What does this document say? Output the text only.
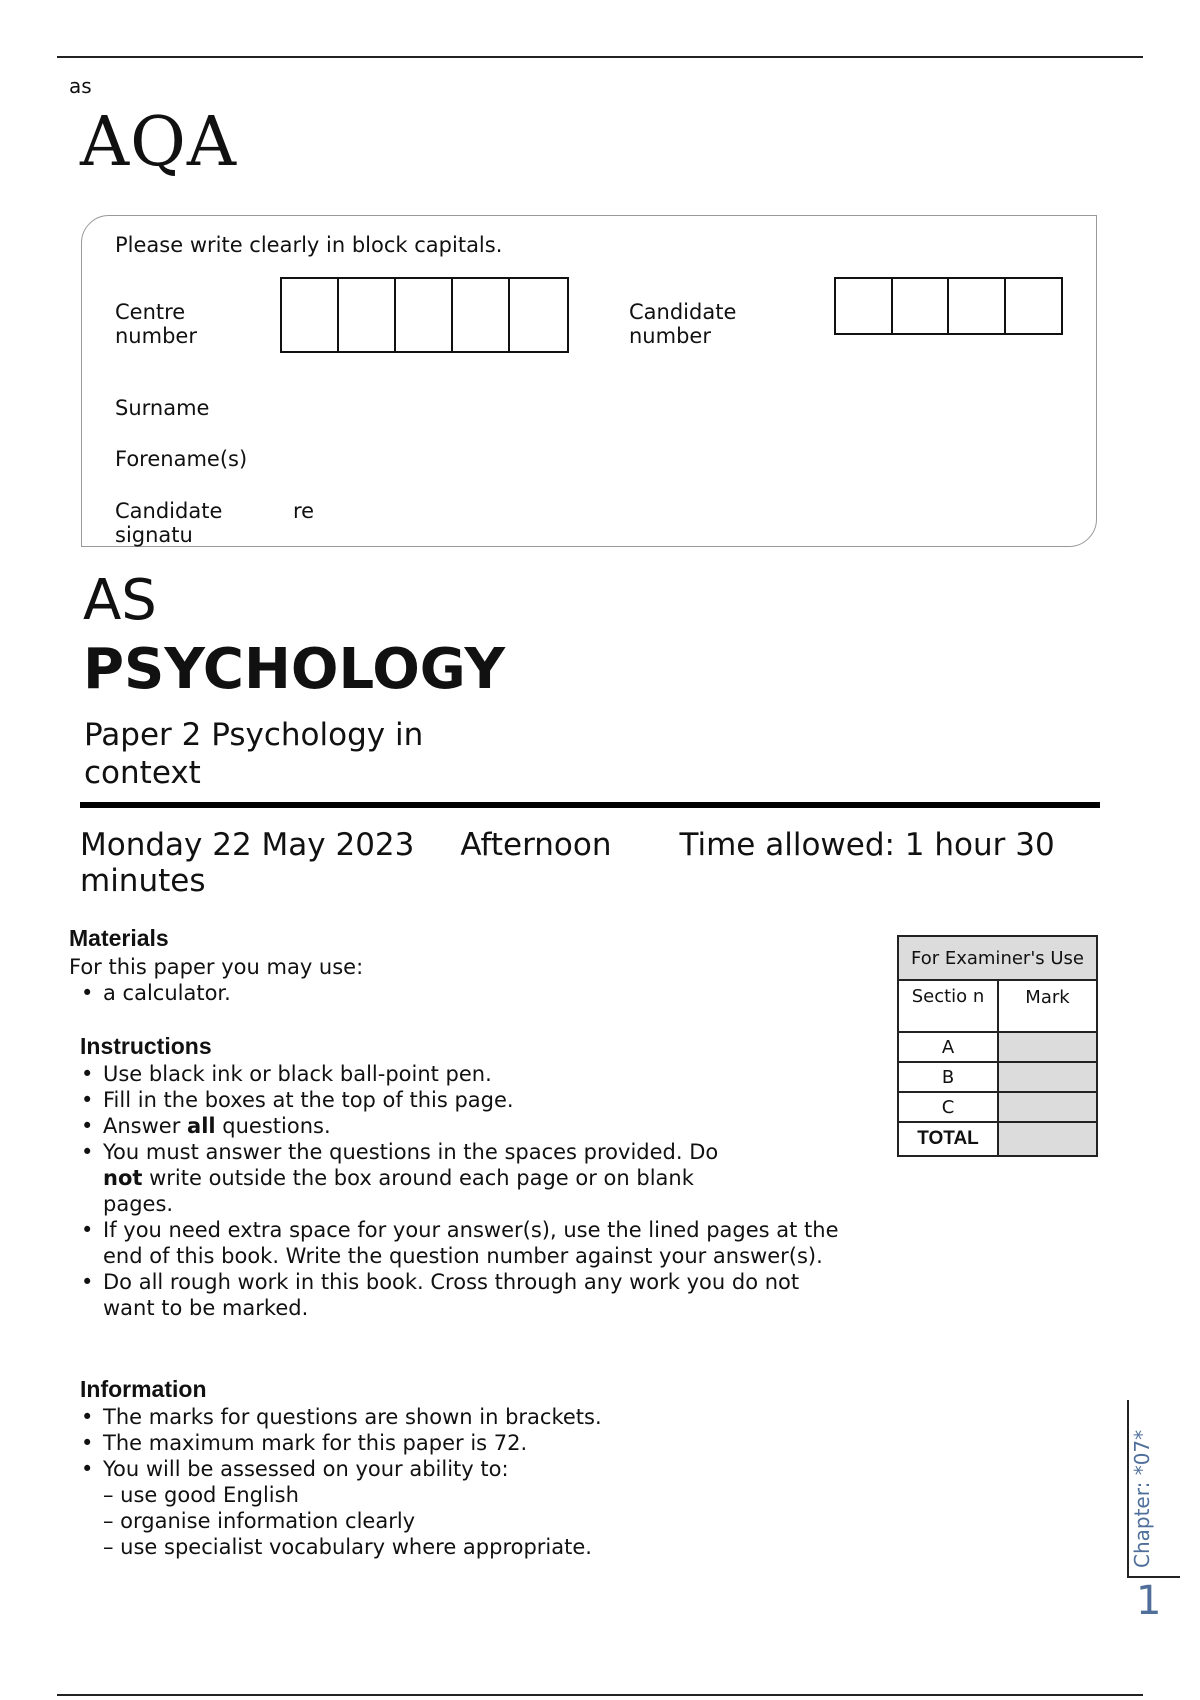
as
AQA
Please write clearly in block capitals.
Centre number
Candidate number
Surname
Forename(s)
Candidate signatu
re
AS
PSYCHOLOGY
Paper 2 Psychology in context
Monday 22 May 2023 Afternoon Time allowed: 1 hour 30 minutes
Materials
For this paper you may use:
• a calculator.
Instructions
• Use black ink or black ball-point pen.
• Fill in the boxes at the top of this page.
• Answer all questions.
• You must answer the questions in the spaces provided. Do not write outside the box around each page or on blank pages.
• If you need extra space for your answer(s), use the lined pages at the end of this book. Write the question number against your answer(s).
• Do all rough work in this book. Cross through any work you do not want to be marked.
Information
• The marks for questions are shown in brackets.
• The maximum mark for this paper is 72.
• You will be assessed on your ability to:
– use good English
– organise information clearly
– use specialist vocabulary where appropriate.
For Examiner's Use	
Sectio n	Mark
A	
B	
C	
TOTAL	
Chapter: *07*
1
